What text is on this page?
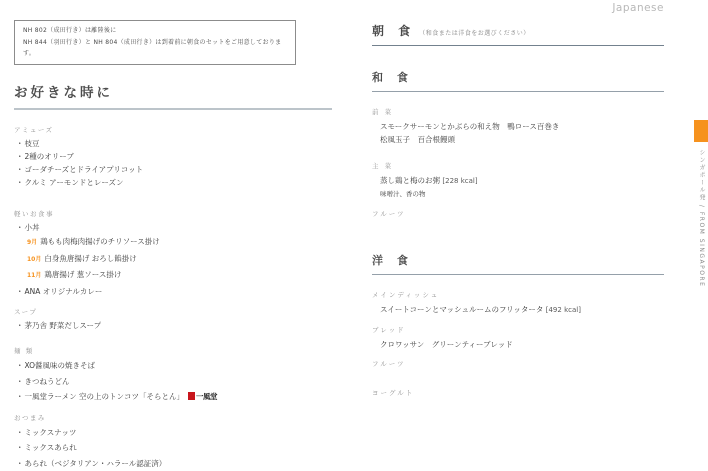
NH 802（成田行き）は離陸後に
NH 844（羽田行き）と NH 804（成田行き）は到着前に朝食のセットをご用意しております。
お好きな時に
アミューズ
・ 枝豆
・ 2種のオリーブ
・ ゴーダチーズとドライアプリコット
・ クルミ アーモンドとレーズン
軽いお食事
・ 小丼
9月 鶏もも肉梅肉揚げのチリソース掛け
10月 白身魚唐揚げ おろし餡掛け
11月 鶏唐揚げ 葱ソース掛け
・ ANA オリジナルカレー
スープ
・ 茅乃舎 野菜だしスープ
麺 類
・ XO醤風味の焼きそば
・ きつねうどん
・ 一風堂ラーメン 空の上のトンコツ「そらとん」 一風堂
おつまみ
・ ミックスナッツ
・ ミックスあられ
・ あられ（ベジタリアン・ハラール認証済）
Japanese
朝 食 （和食または洋食をお選びください）
和 食
前 菜
スモークサーモンとかぶらの和え物　鴨ロース百巻き
松風玉子　百合根饅頭
主 菜
蒸し鶏と梅のお粥 [228 kcal]
味噌汁、香の物
フルーツ
洋 食
メインディッシュ
スイートコーンとマッシュルームのフリッタータ [492 kcal]
ブレッド
クロワッサン　グリーンティーブレッド
フルーツ
ヨーグルト
シンガポール発 / FROM SINGAPORE
